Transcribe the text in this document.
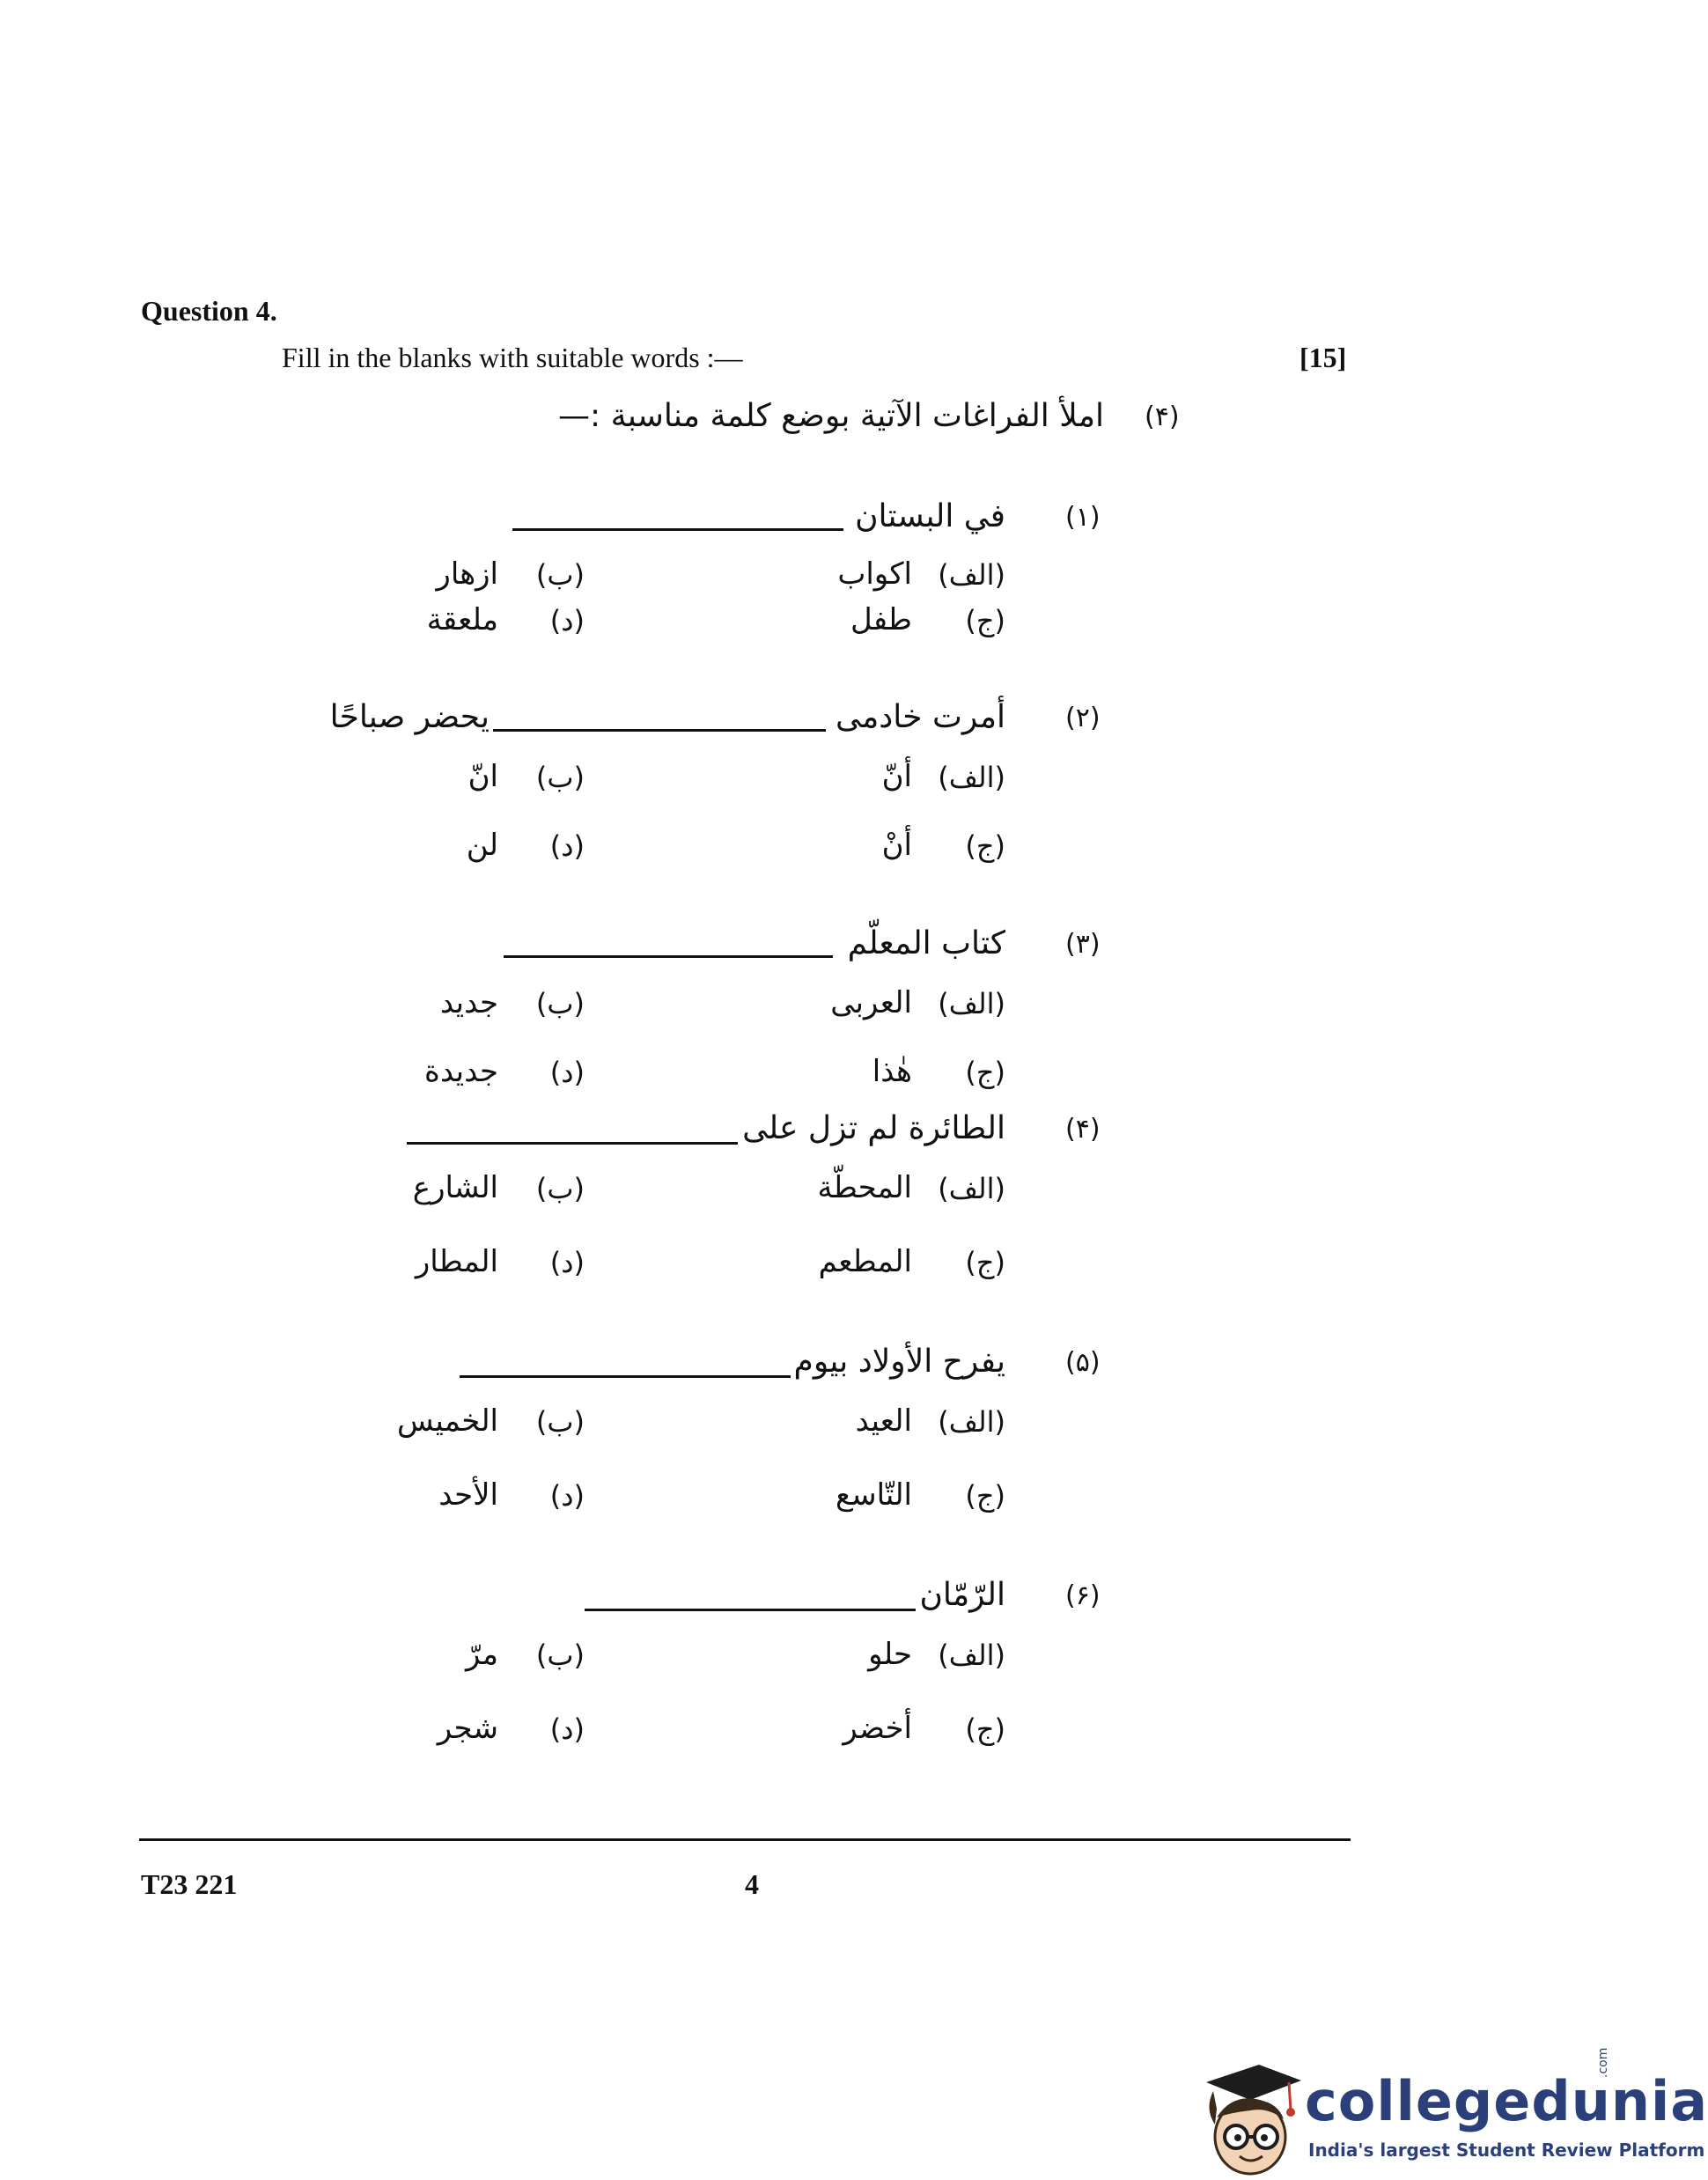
Question 4.
Fill in the blanks with suitable words :—	[15]
(۴)
املأ الفراغات الآتية بوضع كلمة مناسبة :—
(۱)
في البستان
(الف)
اكواب
(ب)
ازهار
(ج)
طفل
(د)
ملعقة
(۲)
أمرت خادمی
يحضر صباحًا
(الف)
أنّ
(ب)
انّ
(ج)
أنْ
(د)
لن
(۳)
کتاب المعلّم
(الف)
العربی
(ب)
جديد
(ج)
هٰذا
(د)
جديدة
(۴)
الطائرة لم تزل على
(الف)
المحطّة
(ب)
الشارع
(ج)
المطعم
(د)
المطار
(۵)
يفرح الأولاد بيوم
(الف)
العيد
(ب)
الخميس
(ج)
التّاسع
(د)
الأحد
(۶)
الرّمّان
(الف)
حلو
(ب)
مرّ
(ج)
أخضر
(د)
شجر
T23 221	4
collegedunia
.com
India's largest Student Review Platform
